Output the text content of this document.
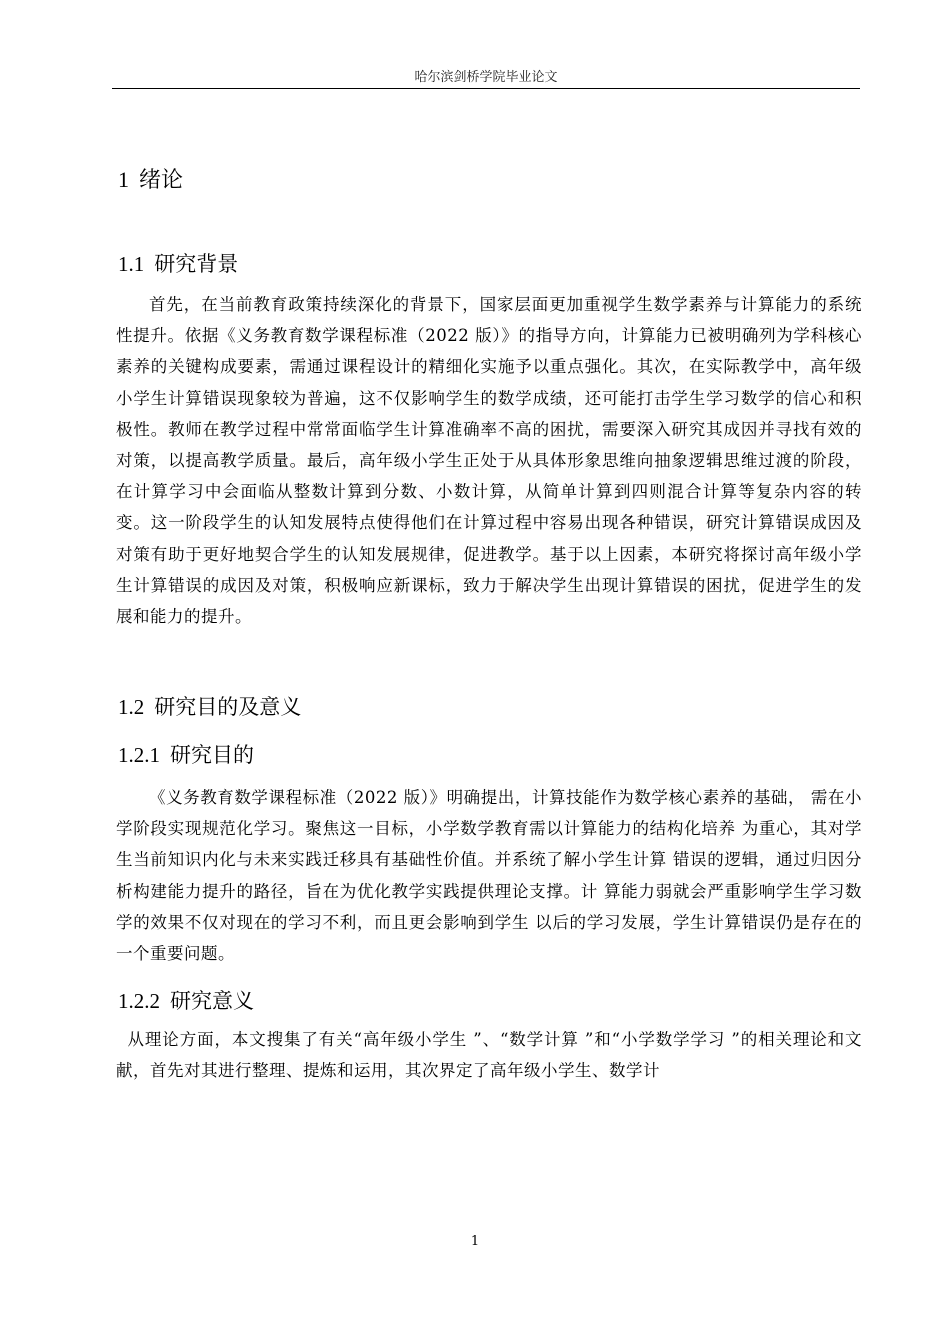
哈尔滨剑桥学院毕业论文
1 绪论
1.1 研究背景
首先，在当前教育政策持续深化的背景下，国家层面更加重视学生数学素养与计算能力的系统性提升。依据《义务教育数学课程标准（2022 版）》的指导方向，计算能力已被明确列为学科核心素养的关键构成要素，需通过课程设计的精细化实施予以重点强化。其次，在实际教学中，高年级小学生计算错误现象较为普遍，这不仅影响学生的数学成绩，还可能打击学生学习数学的信心和积极性。教师在教学过程中常常面临学生计算准确率不高的困扰，需要深入研究其成因并寻找有效的对策，以提高教学质量。最后，高年级小学生正处于从具体形象思维向抽象逻辑思维过渡的阶段，在计算学习中会面临从整数计算到分数、小数计算，从简单计算到四则混合计算等复杂内容的转变。这一阶段学生的认知发展特点使得他们在计算过程中容易出现各种错误，研究计算错误成因及对策有助于更好地契合学生的认知发展规律，促进教学。基于以上因素，本研究将探讨高年级小学生计算错误的成因及对策，积极响应新课标，致力于解决学生出现计算错误的困扰，促进学生的发展和能力的提升。
1.2 研究目的及意义
1.2.1 研究目的
《义务教育数学课程标准（2022 版）》明确提出，计算技能作为数学核心素养的基础， 需在小学阶段实现规范化学习。聚焦这一目标，小学数学教育需以计算能力的结构化培养 为重心，其对学生当前知识内化与未来实践迁移具有基础性价值。并系统了解小学生计算 错误的逻辑，通过归因分析构建能力提升的路径，旨在为优化教学实践提供理论支撑。计 算能力弱就会严重影响学生学习数学的效果不仅对现在的学习不利，而且更会影响到学生 以后的学习发展，学生计算错误仍是存在的一个重要问题。
1.2.2 研究意义
从理论方面，本文搜集了有关“高年级小学生 ”、“数学计算 ”和“小学数学学习 ”的相关理论和文献，首先对其进行整理、提炼和运用，其次界定了高年级小学生、数学计
1
